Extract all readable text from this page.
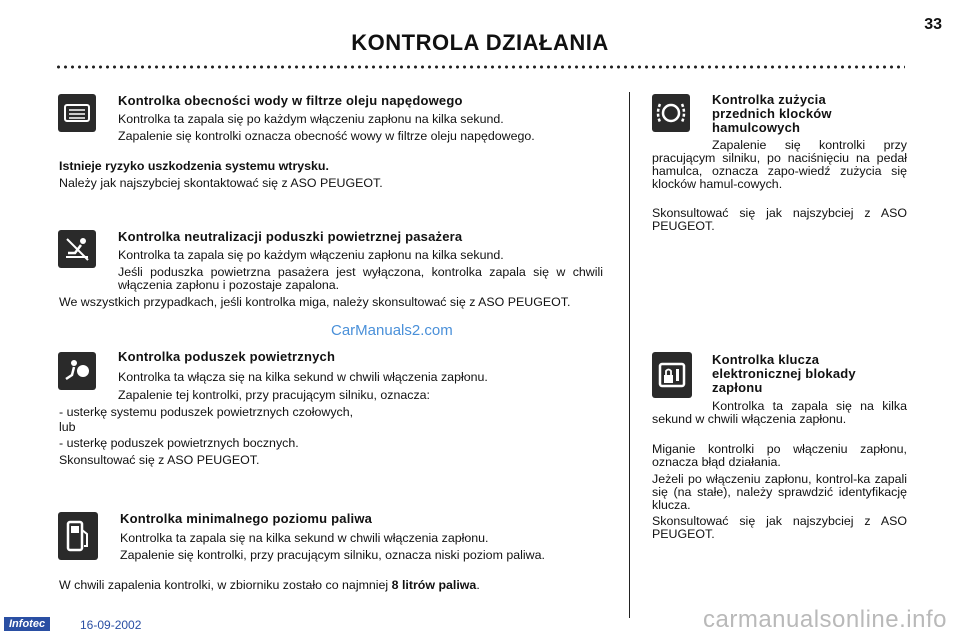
33
KONTROLA DZIAŁANIA
Kontrolka obecności wody w filtrze oleju napędowego
Kontrolka ta zapala się po każdym włączeniu zapłonu na kilka sekund.
Zapalenie się kontrolki oznacza obecność wowy w filtrze oleju napędowego.
Istnieje ryzyko uszkodzenia systemu wtrysku.
Należy jak najszybciej skontaktować się z ASO PEUGEOT.
Kontrolka neutralizacji poduszki powietrznej pasażera
Kontrolka ta zapala się po każdym włączeniu zapłonu na kilka sekund.
Jeśli poduszka powietrzna pasażera jest wyłączona, kontrolka zapala się w chwili włączenia zapłonu i pozostaje zapalona.
We wszystkich przypadkach, jeśli kontrolka miga, należy skonsultować się z ASO PEUGEOT.
Kontrolka poduszek powietrznych
Kontrolka ta włącza się na kilka sekund w chwili włączenia zapłonu.
Zapalenie tej kontrolki, przy pracującym silniku, oznacza:
- usterkę systemu poduszek powietrznych czołowych,
lub
- usterkę poduszek powietrznych bocznych.
Skonsultować się z ASO PEUGEOT.
Kontrolka minimalnego poziomu paliwa
Kontrolka ta zapala się na kilka sekund w chwili włączenia zapłonu.
Zapalenie się kontrolki, przy pracującym silniku, oznacza niski poziom paliwa.
W chwili zapalenia kontrolki, w zbiorniku zostało co najmniej 8 litrów paliwa.
Kontrolka zużycia
przednich klocków
hamulcowych
Zapalenie się kontrolki przy pracującym silniku, po naciśnięciu na pedał hamulca, oznacza zapo-wiedź zużycia się klocków hamul-cowych.
Skonsultować się jak najszybciej z ASO PEUGEOT.
Kontrolka klucza
elektronicznej blokady
zapłonu
Kontrolka ta zapala się na kilka sekund w chwili włączenia zapłonu.
Miganie kontrolki po włączeniu zapłonu, oznacza błąd działania.
Jeżeli po włączeniu zapłonu, kontrol-ka zapali się (na stałe), należy sprawdzić identyfikację klucza.
Skonsultować się jak najszybciej z ASO PEUGEOT.
CarManuals2.com
Infotec	16-09-2002	carmanualsonline.info
